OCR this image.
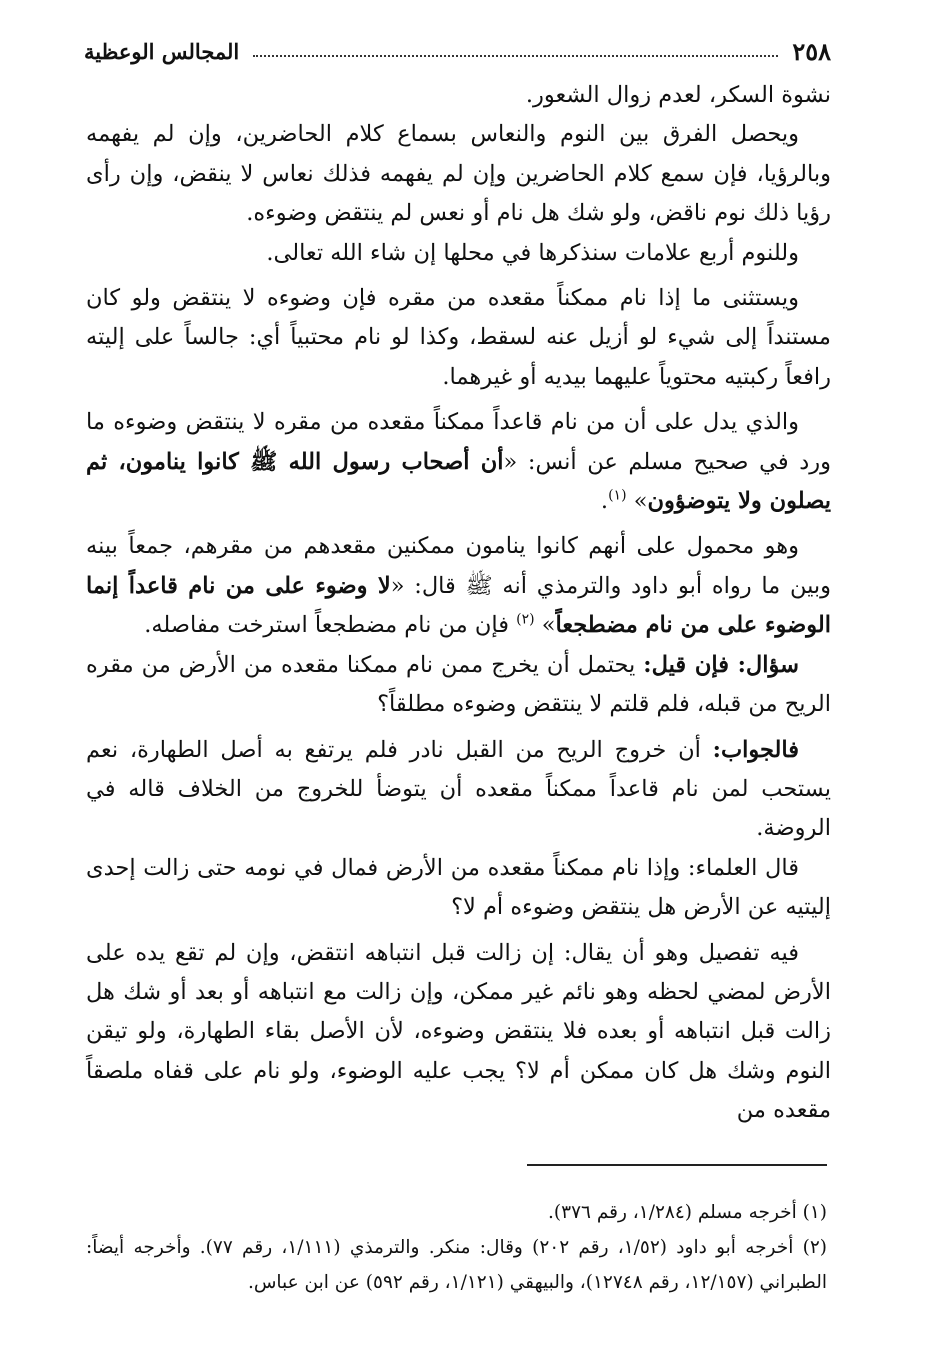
٢٥٨
المجالس الوعظية

نشوة السكر، لعدم زوال الشعور.

ويحصل الفرق بين النوم والنعاس بسماع كلام الحاضرين، وإن لم يفهمه وبالرؤيا، فإن سمع كلام الحاضرين وإن لم يفهمه فذلك نعاس لا ينقض، وإن رأى رؤيا ذلك نوم ناقض، ولو شك هل نام أو نعس لم ينتقض وضوءه.

وللنوم أربع علامات سنذكرها في محلها إن شاء الله تعالى.

ويستثنى ما إذا نام ممكناً مقعده من مقره فإن وضوءه لا ينتقض ولو كان مستنداً إلى شيء لو أزيل عنه لسقط، وكذا لو نام محتبياً أي: جالساً على إليته رافعاً ركبتيه محتوياً عليهما بيديه أو غيرهما.

والذي يدل على أن من نام قاعداً ممكناً مقعده من مقره لا ينتقض وضوءه ما ورد في صحيح مسلم عن أنس: «أن أصحاب رسول الله ﷺ كانوا ينامون، ثم يصلون ولا يتوضؤون» $^{(١)}$.

وهو محمول على أنهم كانوا ينامون ممكنين مقعدهم من مقرهم، جمعاً بينه وبين ما رواه أبو داود والترمذي أنه ﷺ قال: «لا وضوء على من نام قاعداً إنما الوضوء على من نام مضطجعاً» $^{(٢)}$ فإن من نام مضطجعاً استرخت مفاصله.

سؤال: فإن قيل: يحتمل أن يخرج ممن نام ممكنا مقعده من الأرض من مقره الريح من قبله، فلم قلتم لا ينتقض وضوءه مطلقاً؟

فالجواب: أن خروج الريح من القبل نادر فلم يرتفع به أصل الطهارة، نعم يستحب لمن نام قاعداً ممكناً مقعده أن يتوضأ للخروج من الخلاف قاله في الروضة.

قال العلماء: وإذا نام ممكناً مقعده من الأرض فمال في نومه حتى زالت إحدى إليتيه عن الأرض هل ينتقض وضوءه أم لا؟

فيه تفصيل وهو أن يقال: إن زالت قبل انتباهه انتقض، وإن لم تقع يده على الأرض لمضي لحظه وهو نائم غير ممكن، وإن زالت مع انتباهه أو بعد أو شك هل زالت قبل انتباهه أو بعده فلا ينتقض وضوءه، لأن الأصل بقاء الطهارة، ولو تيقن النوم وشك هل كان ممكن أم لا؟ يجب عليه الوضوء، ولو نام على قفاه ملصقاً مقعده من

(١) أخرجه مسلم (١/٢٨٤، رقم ٣٧٦).

(٢) أخرجه أبو داود (١/٥٢، رقم ٢٠٢) وقال: منكر. والترمذي (١/١١١، رقم ٧٧). وأخرجه أيضاً: الطبراني (١٢/١٥٧، رقم ١٢٧٤٨)، والبيهقي (١/١٢١، رقم ٥٩٢) عن ابن عباس.
